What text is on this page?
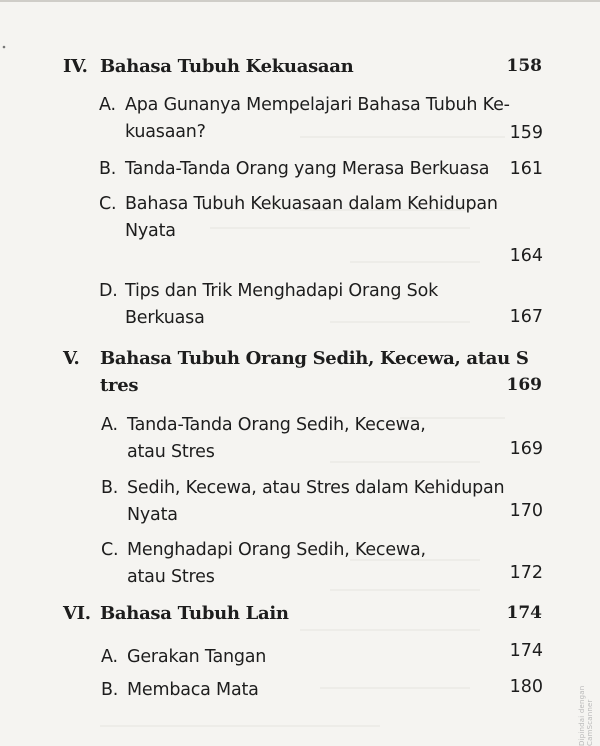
IV. Bahasa Tubuh Kekuasaan	158
A. Apa Gunanya Mempelajari Bahasa Tubuh Ke-
kuasaan?	159
B. Tanda-Tanda Orang yang Merasa Berkuasa 161
C. Bahasa Tubuh Kekuasaan dalam Kehidupan
Nyata
164
D. Tips dan Trik Menghadapi Orang Sok
Berkuasa	167
V. Bahasa Tubuh Orang Sedih, Kecewa, atau S
tres	169
A. Tanda-Tanda Orang Sedih, Kecewa,
atau Stres	169
B. Sedih, Kecewa, atau Stres dalam Kehidupan
Nyata	170
C. Menghadapi Orang Sedih, Kecewa,
atau Stres	172
VI. Bahasa Tubuh Lain	174
A. Gerakan Tangan	174
B. Membaca Mata	180	Dipindai dengan CamScanner
